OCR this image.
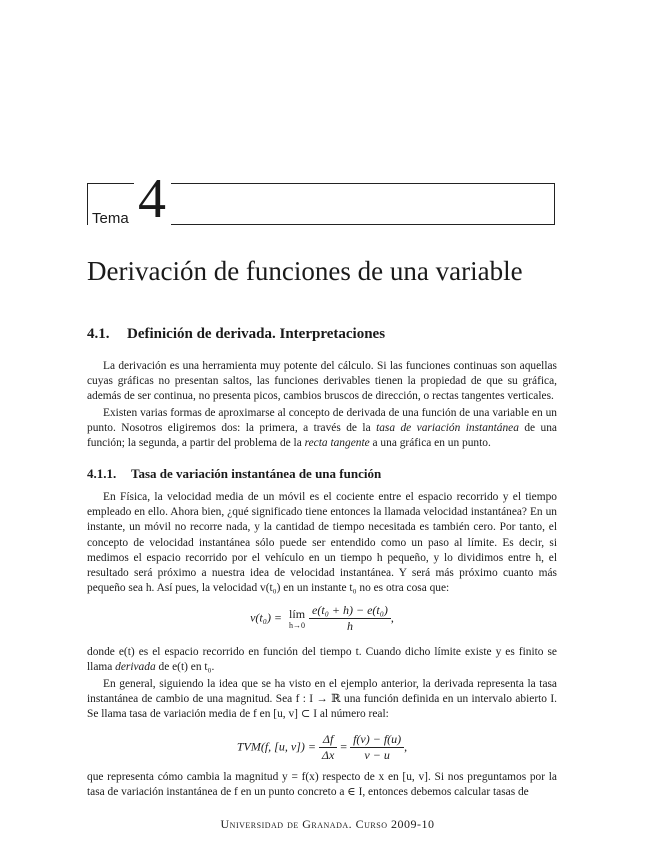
Tema 4
Derivación de funciones de una variable
4.1. Definición de derivada. Interpretaciones

La derivación es una herramienta muy potente del cálculo. Si las funciones continuas son aquellas cuyas gráficas no presentan saltos, las funciones derivables tienen la propiedad de que su gráfica, además de ser continua, no presenta picos, cambios bruscos de dirección, o rectas tangentes verticales.

Existen varias formas de aproximarse al concepto de derivada de una función de una variable en un punto. Nosotros eligiremos dos: la primera, a través de la tasa de variación instantánea de una función; la segunda, a partir del problema de la recta tangente a una gráfica en un punto.

4.1.1. Tasa de variación instantánea de una función

En Física, la velocidad media de un móvil es el cociente entre el espacio recorrido y el tiempo empleado en ello. Ahora bien, ¿qué significado tiene entonces la llamada velocidad instantánea? En un instante, un móvil no recorre nada, y la cantidad de tiempo necesitada es también cero. Por tanto, el concepto de velocidad instantánea sólo puede ser entendido como un paso al límite. Es decir, si medimos el espacio recorrido por el vehículo en un tiempo h pequeño, y lo dividimos entre h, el resultado será próximo a nuestra idea de velocidad instantánea. Y será más próximo cuanto más pequeño sea h. Así pues, la velocidad v(t₀) en un instante t₀ no es otra cosa que:

v(t₀) = lím
$h\to 0 \frac{\text{e(t₀ + h) − e(t₀)}}{h}$ ,

donde e(t) es el espacio recorrido en función del tiempo t. Cuando dicho límite existe y es finito se llama derivada de e(t) en t₀.

En general, siguiendo la idea que se ha visto en el ejemplo anterior, la derivada representa la tasa instantánea de cambio de una magnitud. Sea f : I → ℝ una función definida en un intervalo abierto I. Se llama tasa de variación media de f en [u, v] ⊂ I al número real:

TVM(f, [u, $v]) = \frac{\Delta f}{\Delta x} = \frac{f(v) - f(u)}{v - u}$ ,

que representa cómo cambia la magnitud y = f(x) respecto de x en [u, v]. Si nos preguntamos por la tasa de variación instantánea de f en un punto concreto a ∈ I, entonces debemos calcular tasas de

Universidad de Granada. Curso 2009-10
